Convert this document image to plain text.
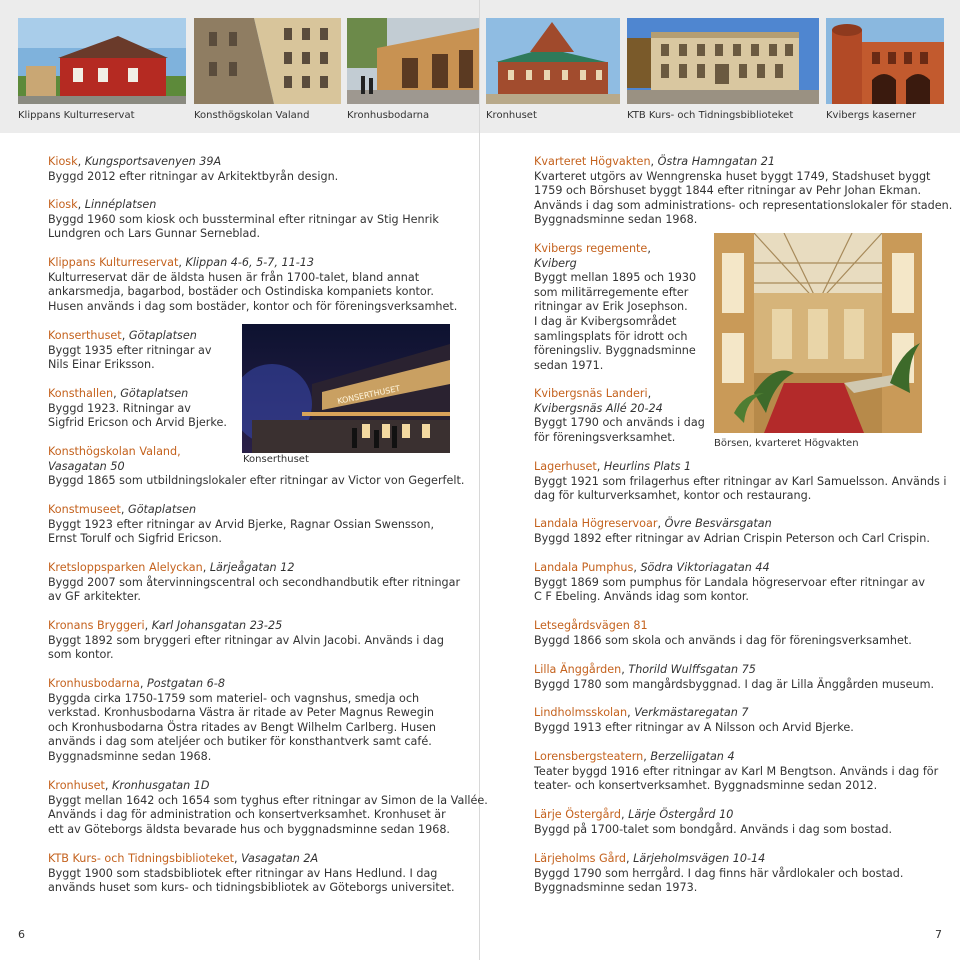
Klippans Kulturreservat	Konsthögskolan Valand	Kronhusbodarna	Kronhuset	KTB Kurs- och Tidningsbiblioteket	Kvibergs kaserner
Kiosk, Kungsportsavenyen 39A
Byggd 2012 efter ritningar av Arkitektbyrån design.
Kiosk, Linnéplatsen
Byggd 1960 som kiosk och bussterminal efter ritningar av Stig Henrik
Lundgren och Lars Gunnar Serneblad.
Klippans Kulturreservat, Klippan 4-6, 5-7, 11-13
Kulturreservat där de äldsta husen är från 1700-talet, bland annat
ankarsmedja, bagarbod, bostäder och Ostindiska kompaniets kontor.
Husen används i dag som bostäder, kontor och för föreningsverksamhet.
Konserthuset, Götaplatsen
Byggt 1935 efter ritningar av
Nils Einar Eriksson.
Konsthallen, Götaplatsen
Byggd 1923. Ritningar av
Sigfrid Ericson och Arvid Bjerke.
Konsthögskolan Valand,
Vasagatan 50
Byggd 1865 som utbildningslokaler efter ritningar av Victor von Gegerfelt.
Konstmuseet, Götaplatsen
Byggt 1923 efter ritningar av Arvid Bjerke, Ragnar Ossian Swensson,
Ernst Torulf och Sigfrid Ericson.
Kretsloppsparken Alelyckan, Lärjeågatan 12
Byggd 2007 som återvinningscentral och secondhandbutik efter ritningar
av GF arkitekter.
Kronans Bryggeri, Karl Johansgatan 23-25
Byggt 1892 som bryggeri efter ritningar av Alvin Jacobi. Används i dag
som kontor.
Kronhusbodarna, Postgatan 6-8
Byggda cirka 1750-1759 som materiel- och vagnshus, smedja och
verkstad. Kronhusbodarna Västra är ritade av Peter Magnus Rewegin
och Kronhusbodarna Östra ritades av Bengt Wilhelm Carlberg. Husen
används i dag som ateljéer och butiker för konsthantverk samt café.
Byggnadsminne sedan 1968.
Kronhuset, Kronhusgatan 1D
Byggt mellan 1642 och 1654 som tyghus efter ritningar av Simon de la Vallée.
Används i dag för administration och konsertverksamhet. Kronhuset är
ett av Göteborgs äldsta bevarade hus och byggnadsminne sedan 1968.
KTB Kurs- och Tidningsbiblioteket, Vasagatan 2A
Byggt 1900 som stadsbibliotek efter ritningar av Hans Hedlund. I dag
används huset som kurs- och tidningsbibliotek av Göteborgs universitet.
KONSERTHUSET
Konserthuset
6
Kvarteret Högvakten, Östra Hamngatan 21
Kvarteret utgörs av Wenngrenska huset byggt 1749, Stadshuset byggt
1759 och Börshuset byggt 1844 efter ritningar av Pehr Johan Ekman.
Används i dag som administrations- och representationslokaler för staden.
Byggnadsminne sedan 1968.
Kvibergs regemente,
Kviberg
Byggt mellan 1895 och 1930
som militärregemente efter
ritningar av Erik Josephson.
I dag är Kvibergsområdet
samlingsplats för idrott och
föreningsliv. Byggnadsminne
sedan 1971.
Kvibergsnäs Landeri,
Kvibergsnäs Allé 20-24
Byggt 1790 och används i dag
för föreningsverksamhet.
Lagerhuset, Heurlins Plats 1
Byggt 1921 som frilagerhus efter ritningar av Karl Samuelsson. Används i
dag för kulturverksamhet, kontor och restaurang.
Landala Högreservoar, Övre Besvärsgatan
Byggd 1892 efter ritningar av Adrian Crispin Peterson och Carl Crispin.
Landala Pumphus, Södra Viktoriagatan 44
Byggt 1869 som pumphus för Landala högreservoar efter ritningar av
C F Ebeling. Används idag som kontor.
Letsegårdsvägen 81
Byggd 1866 som skola och används i dag för föreningsverksamhet.
Lilla Änggården, Thorild Wulffsgatan 75
Byggd 1780 som mangårdsbyggnad. I dag är Lilla Änggården museum.
Lindholmsskolan, Verkmästaregatan 7
Byggd 1913 efter ritningar av A Nilsson och Arvid Bjerke.
Lorensbergsteatern, Berzeliigatan 4
Teater byggd 1916 efter ritningar av Karl M Bengtson. Används i dag för
teater- och konsertverksamhet. Byggnadsminne sedan 2012.
Lärje Östergård, Lärje Östergård 10
Byggd på 1700-talet som bondgård. Används i dag som bostad.
Lärjeholms Gård, Lärjeholmsvägen 10-14
Byggd 1790 som herrgård. I dag finns här vårdlokaler och bostad.
Byggnadsminne sedan 1973.
Börsen, kvarteret Högvakten
7
